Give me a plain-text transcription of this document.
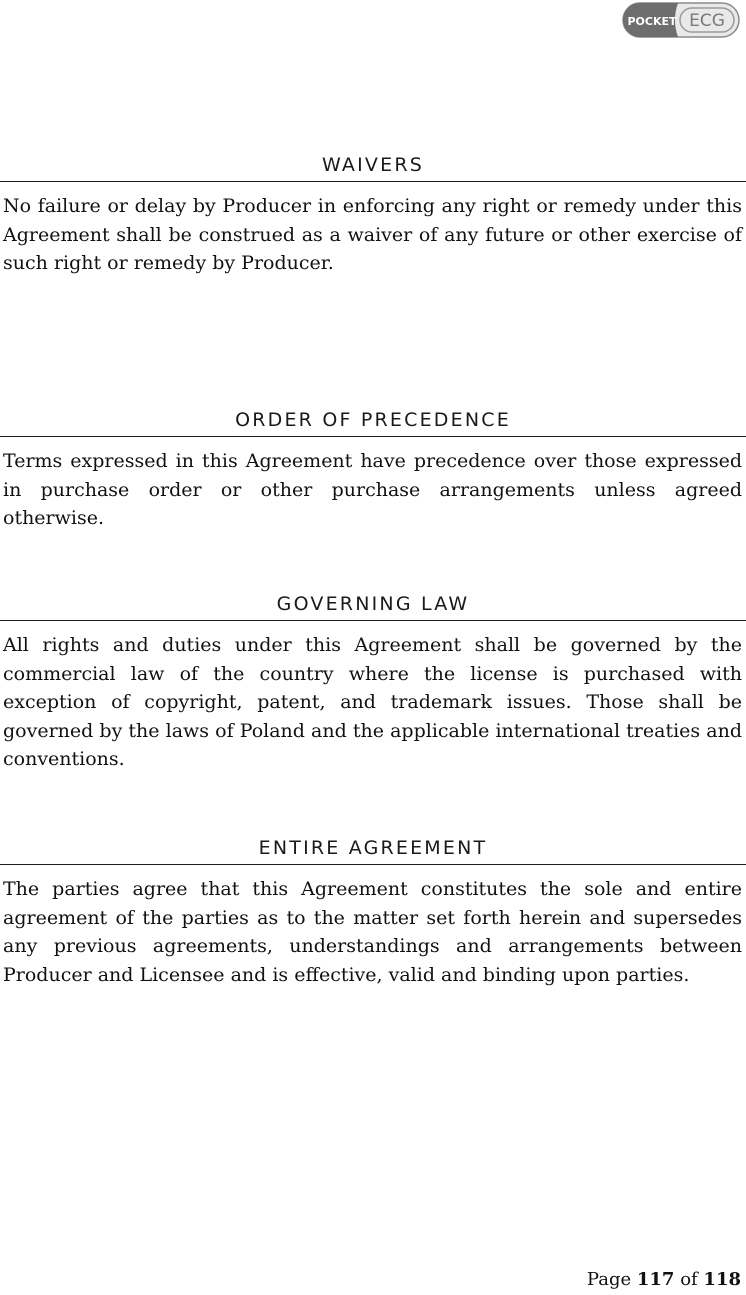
POCKET ECG
WAIVERS
No failure or delay by Producer in enforcing any right or remedy under this Agreement shall be construed as a waiver of any future or other exercise of such right or remedy by Producer.
ORDER OF PRECEDENCE
Terms expressed in this Agreement have precedence over those expressed in purchase order or other purchase arrangements unless agreed otherwise.
GOVERNING LAW
All rights and duties under this Agreement shall be governed by the commercial law of the country where the license is purchased with exception of copyright, patent, and trademark issues. Those shall be governed by the laws of Poland and the applicable international treaties and conventions.
ENTIRE AGREEMENT
The parties agree that this Agreement constitutes the sole and entire agreement of the parties as to the matter set forth herein and supersedes any previous agreements, understandings and arrangements between Producer and Licensee and is effective, valid and binding upon parties.
Page 117 of 118
